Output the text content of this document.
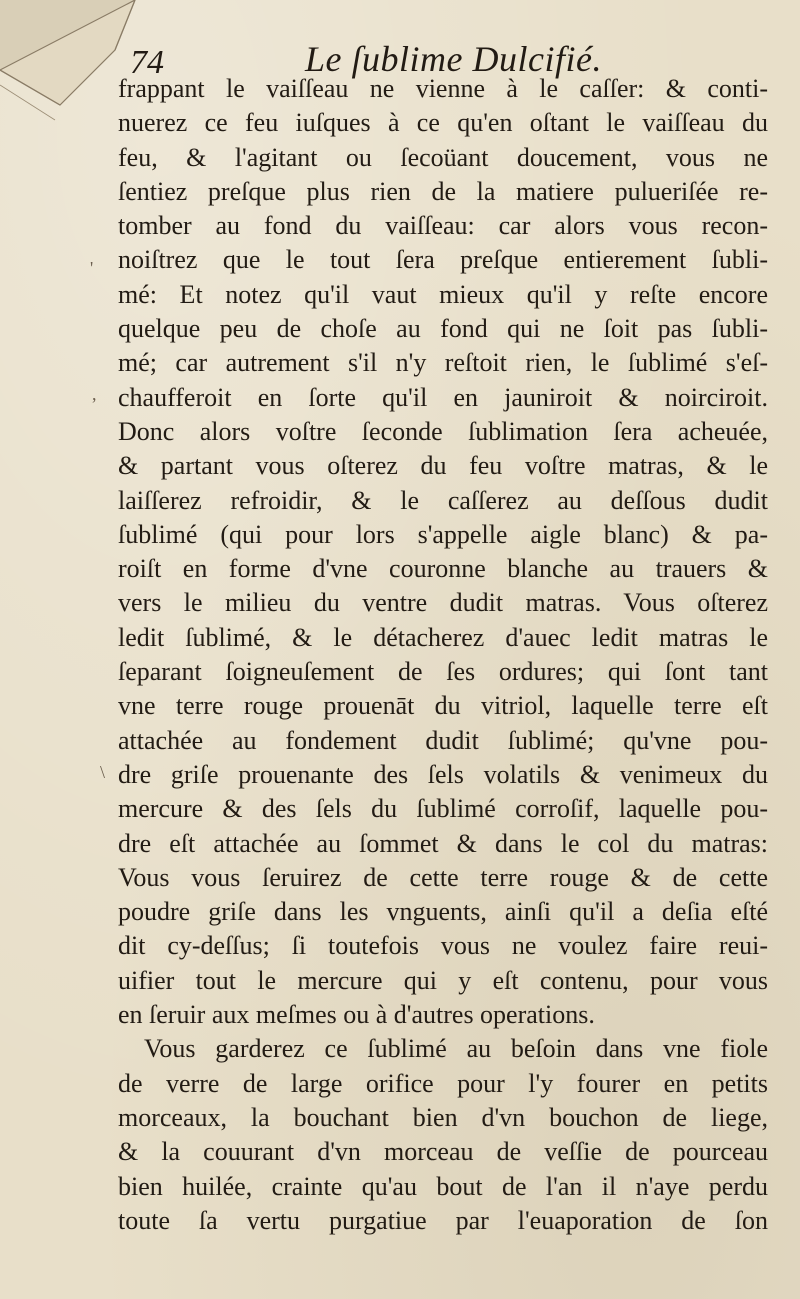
74	Le ſublime Dulcifié.
'
,
\
frappant le vaiſſeau ne vienne à le caſſer: & conti-
nuerez ce feu iuſques à ce qu'en oſtant le vaiſſeau du
feu, & l'agitant ou ſecoüant doucement, vous ne
ſentiez preſque plus rien de la matiere pulueriſée re-
tomber au fond du vaiſſeau: car alors vous recon-
noiſtrez que le tout ſera preſque entierement ſubli-
mé: Et notez qu'il vaut mieux qu'il y reſte encore
quelque peu de choſe au fond qui ne ſoit pas ſubli-
mé; car autrement s'il n'y reſtoit rien, le ſublimé s'eſ-
chaufferoit en ſorte qu'il en jauniroit & noirciroit.
Donc alors voſtre ſeconde ſublimation ſera acheuée,
& partant vous oſterez du feu voſtre matras, & le
laiſſerez refroidir, & le caſſerez au deſſous dudit
ſublimé (qui pour lors s'appelle aigle blanc) & pa-
roiſt en forme d'vne couronne blanche au trauers &
vers le milieu du ventre dudit matras. Vous oſterez
ledit ſublimé, & le détacherez d'auec ledit matras le
ſeparant ſoigneuſement de ſes ordures; qui ſont tant
vne terre rouge prouenāt du vitriol, laquelle terre eſt
attachée au fondement dudit ſublimé; qu'vne pou-
dre griſe prouenante des ſels volatils & venimeux du
mercure & des ſels du ſublimé corroſif, laquelle pou-
dre eſt attachée au ſommet & dans le col du matras:
Vous vous ſeruirez de cette terre rouge & de cette
poudre griſe dans les vnguents, ainſi qu'il a deſia eſté
dit cy-deſſus; ſi toutefois vous ne voulez faire reui-
uifier tout le mercure qui y eſt contenu, pour vous
en ſeruir aux meſmes ou à d'autres operations.
Vous garderez ce ſublimé au beſoin dans vne fiole
de verre de large orifice pour l'y fourer en petits
morceaux, la bouchant bien d'vn bouchon de liege,
& la couurant d'vn morceau de veſſie de pourceau
bien huilée, crainte qu'au bout de l'an il n'aye perdu
toute ſa vertu purgatiue par l'euaporation de ſon
